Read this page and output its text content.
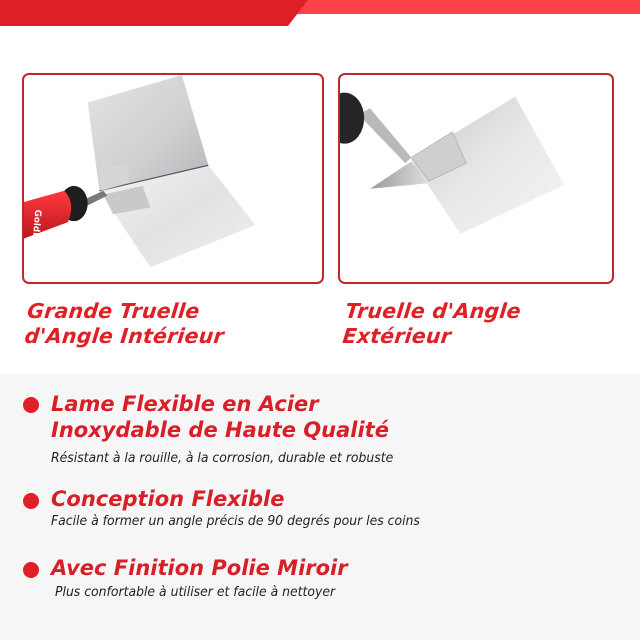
Goldb
Grande Truelle
d'Angle Intérieur
Truelle d'Angle
Extérieur
Lame Flexible en Acier
Inoxydable de Haute Qualité
Résistant à la rouille, à la corrosion, durable et robuste
Conception Flexible
Facile à former un angle précis de 90 degrés pour les coins
Avec Finition Polie Miroir
Plus confortable à utiliser et facile à nettoyer
